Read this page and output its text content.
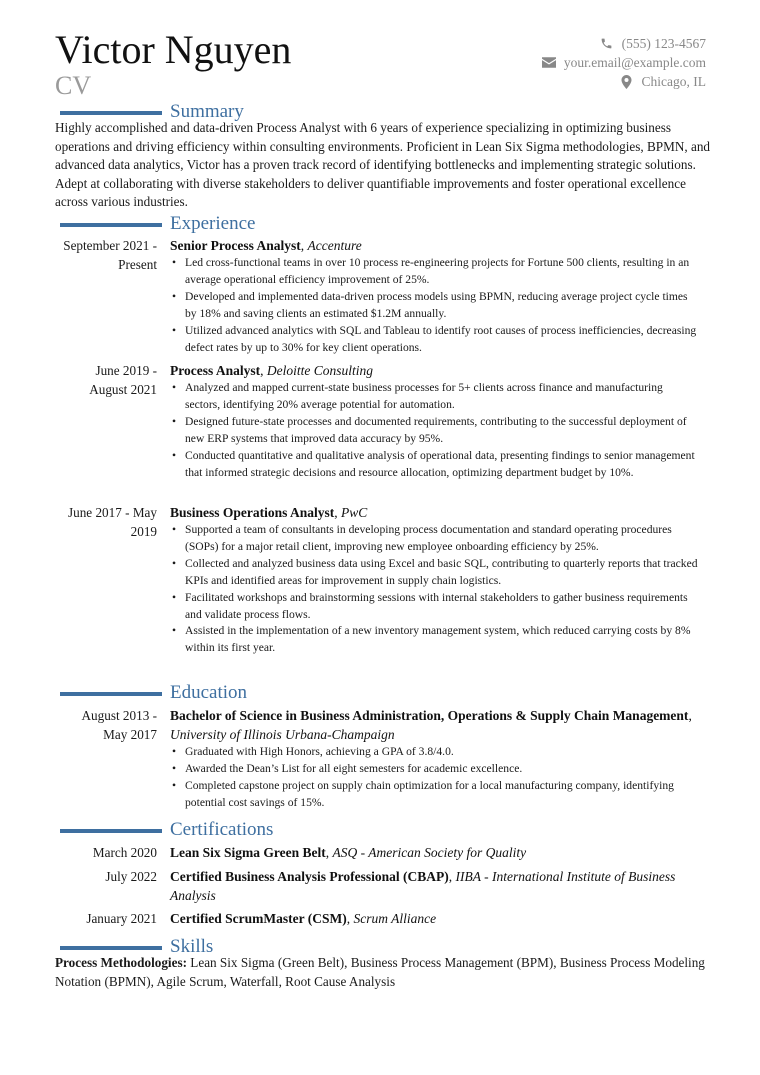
Victor Nguyen
CV
(555) 123-4567
your.email@example.com
Chicago, IL
Summary
Highly accomplished and data-driven Process Analyst with 6 years of experience specializing in optimizing business operations and driving efficiency within consulting environments. Proficient in Lean Six Sigma methodologies, BPMN, and advanced data analytics, Victor has a proven track record of identifying bottlenecks and implementing strategic solutions. Adept at collaborating with diverse stakeholders to deliver quantifiable improvements and foster operational excellence across various industries.
Experience
September 2021 - Present
Senior Process Analyst, Accenture
• Led cross-functional teams in over 10 process re-engineering projects for Fortune 500 clients, resulting in an average operational efficiency improvement of 25%.
• Developed and implemented data-driven process models using BPMN, reducing average project cycle times by 18% and saving clients an estimated $1.2M annually.
• Utilized advanced analytics with SQL and Tableau to identify root causes of process inefficiencies, decreasing defect rates by up to 30% for key client operations.
June 2019 - August 2021
Process Analyst, Deloitte Consulting
• Analyzed and mapped current-state business processes for 5+ clients across finance and manufacturing sectors, identifying 20% average potential for automation.
• Designed future-state processes and documented requirements, contributing to the successful deployment of new ERP systems that improved data accuracy by 95%.
• Conducted quantitative and qualitative analysis of operational data, presenting findings to senior management that informed strategic decisions and resource allocation, optimizing department budget by 10%.
June 2017 - May 2019
Business Operations Analyst, PwC
• Supported a team of consultants in developing process documentation and standard operating procedures (SOPs) for a major retail client, improving new employee onboarding efficiency by 25%.
• Collected and analyzed business data using Excel and basic SQL, contributing to quarterly reports that tracked KPIs and identified areas for improvement in supply chain logistics.
• Facilitated workshops and brainstorming sessions with internal stakeholders to gather business requirements and validate process flows.
• Assisted in the implementation of a new inventory management system, which reduced carrying costs by 8% within its first year.
Education
August 2013 - May 2017
Bachelor of Science in Business Administration, Operations & Supply Chain Management, University of Illinois Urbana-Champaign
• Graduated with High Honors, achieving a GPA of 3.8/4.0.
• Awarded the Dean’s List for all eight semesters for academic excellence.
• Completed capstone project on supply chain optimization for a local manufacturing company, identifying potential cost savings of 15%.
Certifications
March 2020 Lean Six Sigma Green Belt, ASQ - American Society for Quality
July 2022 Certified Business Analysis Professional (CBAP), IIBA - International Institute of Business Analysis
January 2021 Certified ScrumMaster (CSM), Scrum Alliance
Skills
Process Methodologies: Lean Six Sigma (Green Belt), Business Process Management (BPM), Business Process Modeling Notation (BPMN), Agile Scrum, Waterfall, Root Cause Analysis
